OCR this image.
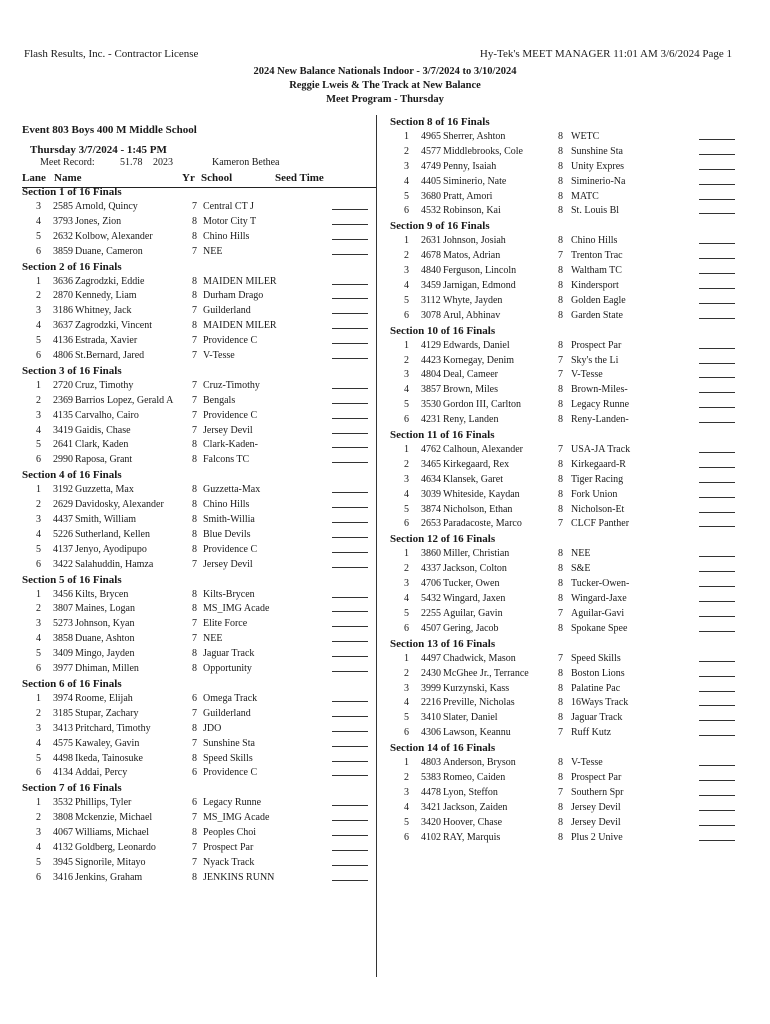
Flash Results, Inc. - Contractor License	Hy-Tek's MEET MANAGER 11:01 AM 3/6/2024 Page 1
2024 New Balance Nationals Indoor - 3/7/2024 to 3/10/2024
Reggie Lweis & The Track at New Balance
Meet Program - Thursday
Event 803 Boys 400 M Middle School
Thursday 3/7/2024 - 1:45 PM
Meet Record:	51.78 2023	Kameron Bethea
Lane Name	Yr School	Seed Time
Section 1 of 16 Finals
3 2585 Arnold, Quincy	7 Central CT J
4 3793 Jones, Zion	8 Motor City T
5 2632 Kolbow, Alexander	8 Chino Hills
6 3859 Duane, Cameron	7 NEE
Section 2 of 16 Finals
1 3636 Zagrodzki, Eddie	8 MAIDEN MILER
2 2870 Kennedy, Liam	8 Durham Drago
3 3186 Whitney, Jack	7 Guilderland
4 3637 Zagrodzki, Vincent	8 MAIDEN MILER
5 4136 Estrada, Xavier	7 Providence C
6 4806 St.Bernard, Jared	7 V-Tesse
Section 3 of 16 Finals
1 2720 Cruz, Timothy	7 Cruz-Timothy
2 2369 Barrios Lopez, Gerald A 7 Bengals
3 4135 Carvalho, Cairo	7 Providence C
4 3419 Gaidis, Chase	7 Jersey Devil
5 2641 Clark, Kaden	8 Clark-Kaden-
6 2990 Raposa, Grant	8 Falcons TC
Section 4 of 16 Finals
1 3192 Guzzetta, Max	8 Guzzetta-Max
2 2629 Davidosky, Alexander	8 Chino Hills
3 4437 Smith, William	8 Smith-Willia
4 5226 Sutherland, Kellen	8 Blue Devils
5 4137 Jenyo, Ayodipupo	8 Providence C
6 3422 Salahuddin, Hamza	7 Jersey Devil
Section 5 of 16 Finals
1 3456 Kilts, Brycen	8 Kilts-Brycen
2 3807 Maines, Logan	8 MS_IMG Acade
3 5273 Johnson, Kyan	7 Elite Force
4 3858 Duane, Ashton	7 NEE
5 3409 Mingo, Jayden	8 Jaguar Track
6 3977 Dhiman, Millen	8 Opportunity
Section 6 of 16 Finals
1 3974 Roome, Elijah	6 Omega Track
2 3185 Stupar, Zachary	7 Guilderland
3 3413 Pritchard, Timothy	8 JDO
4 4575 Kawaley, Gavin	7 Sunshine Sta
5 4498 Ikeda, Tainosuke	8 Speed Skills
6 4134 Addai, Percy	6 Providence C
Section 7 of 16 Finals
1 3532 Phillips, Tyler	6 Legacy Runne
2 3808 Mckenzie, Michael	7 MS_IMG Acade
3 4067 Williams, Michael	8 Peoples Choi
4 4132 Goldberg, Leonardo	7 Prospect Par
5 3945 Signorile, Mitayo	7 Nyack Track
6 3416 Jenkins, Graham	8 JENKINS RUNN
Section 8 of 16 Finals
1 4965 Sherrer, Ashton	8 WETC
2 4577 Middlebrooks, Cole	8 Sunshine Sta
3 4749 Penny, Isaiah	8 Unity Expres
4 4405 Siminerio, Nate	8 Siminerio-Na
5 3680 Pratt, Amori	8 MATC
6 4532 Robinson, Kai	8 St. Louis Bl
Section 9 of 16 Finals
1 2631 Johnson, Josiah	8 Chino Hills
2 4678 Matos, Adrian	7 Trenton Trac
3 4840 Ferguson, Lincoln	8 Waltham TC
4 3459 Jarnigan, Edmond	8 Kindersport
5 3112 Whyte, Jayden	8 Golden Eagle
6 3078 Arul, Abhinav	8 Garden State
Section 10 of 16 Finals
1 4129 Edwards, Daniel	8 Prospect Par
2 4423 Kornegay, Denim	7 Sky's the Li
3 4804 Deal, Cameer	7 V-Tesse
4 3857 Brown, Miles	8 Brown-Miles-
5 3530 Gordon III, Carlton	8 Legacy Runne
6 4231 Reny, Landen	8 Reny-Landen-
Section 11 of 16 Finals
1 4762 Calhoun, Alexander	7 USA-JA Track
2 3465 Kirkegaard, Rex	8 Kirkegaard-R
3 4634 Klansek, Garet	8 Tiger Racing
4 3039 Whiteside, Kaydan	8 Fork Union
5 3874 Nicholson, Ethan	8 Nicholson-Et
6 2653 Paradacoste, Marco	7 CLCF Panther
Section 12 of 16 Finals
1 3860 Miller, Christian	8 NEE
2 4337 Jackson, Colton	8 S&E
3 4706 Tucker, Owen	8 Tucker-Owen-
4 5432 Wingard, Jaxen	8 Wingard-Jaxe
5 2255 Aguilar, Gavin	7 Aguilar-Gavi
6 4507 Gering, Jacob	8 Spokane Spee
Section 13 of 16 Finals
1 4497 Chadwick, Mason	7 Speed Skills
2 2430 McGhee Jr., Terrance	8 Boston Lions
3 3999 Kurzynski, Kass	8 Palatine Pac
4 2216 Preville, Nicholas	8 16Ways Track
5 3410 Slater, Daniel	8 Jaguar Track
6 4306 Lawson, Keannu	7 Ruff Kutz
Section 14 of 16 Finals
1 4803 Anderson, Bryson	8 V-Tesse
2 5383 Romeo, Caiden	8 Prospect Par
3 4478 Lyon, Steffon	7 Southern Spr
4 3421 Jackson, Zaiden	8 Jersey Devil
5 3420 Hoover, Chase	8 Jersey Devil
6 4102 RAY, Marquis	8 Plus 2 Unive
